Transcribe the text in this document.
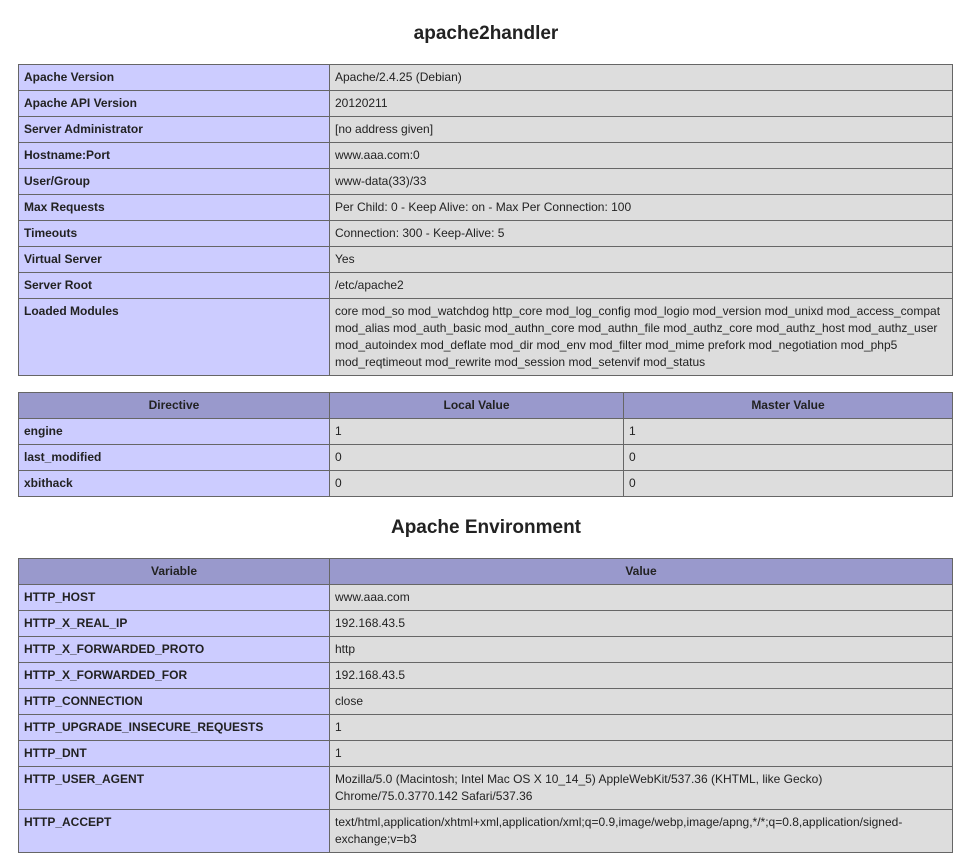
apache2handler
Apache Version	Apache/2.4.25 (Debian)
Apache API Version	20120211
Server Administrator	[no address given]
Hostname:Port	www.aaa.com:0
User/Group	www-data(33)/33
Max Requests	Per Child: 0 - Keep Alive: on - Max Per Connection: 100
Timeouts	Connection: 300 - Keep-Alive: 5
Virtual Server	Yes
Server Root	/etc/apache2
Loaded Modules	core mod_so mod_watchdog http_core mod_log_config mod_logio mod_version mod_unixd mod_access_compat mod_alias mod_auth_basic mod_authn_core mod_authn_file mod_authz_core mod_authz_host mod_authz_user mod_autoindex mod_deflate mod_dir mod_env mod_filter mod_mime prefork mod_negotiation mod_php5 mod_reqtimeout mod_rewrite mod_session mod_setenvif mod_status
Directive	Local Value	Master Value
engine	1	1
last_modified	0	0
xbithack	0	0
Apache Environment
Variable	Value
HTTP_HOST	www.aaa.com
HTTP_X_REAL_IP	192.168.43.5
HTTP_X_FORWARDED_PROTO	http
HTTP_X_FORWARDED_FOR	192.168.43.5
HTTP_CONNECTION	close
HTTP_UPGRADE_INSECURE_REQUESTS	1
HTTP_DNT	1
HTTP_USER_AGENT	Mozilla/5.0 (Macintosh; Intel Mac OS X 10_14_5) AppleWebKit/537.36 (KHTML, like Gecko) Chrome/75.0.3770.142 Safari/537.36
HTTP_ACCEPT	text/html,application/xhtml+xml,application/xml;q=0.9,image/webp,image/apng,*/*;q=0.8,application/signed-exchange;v=b3
